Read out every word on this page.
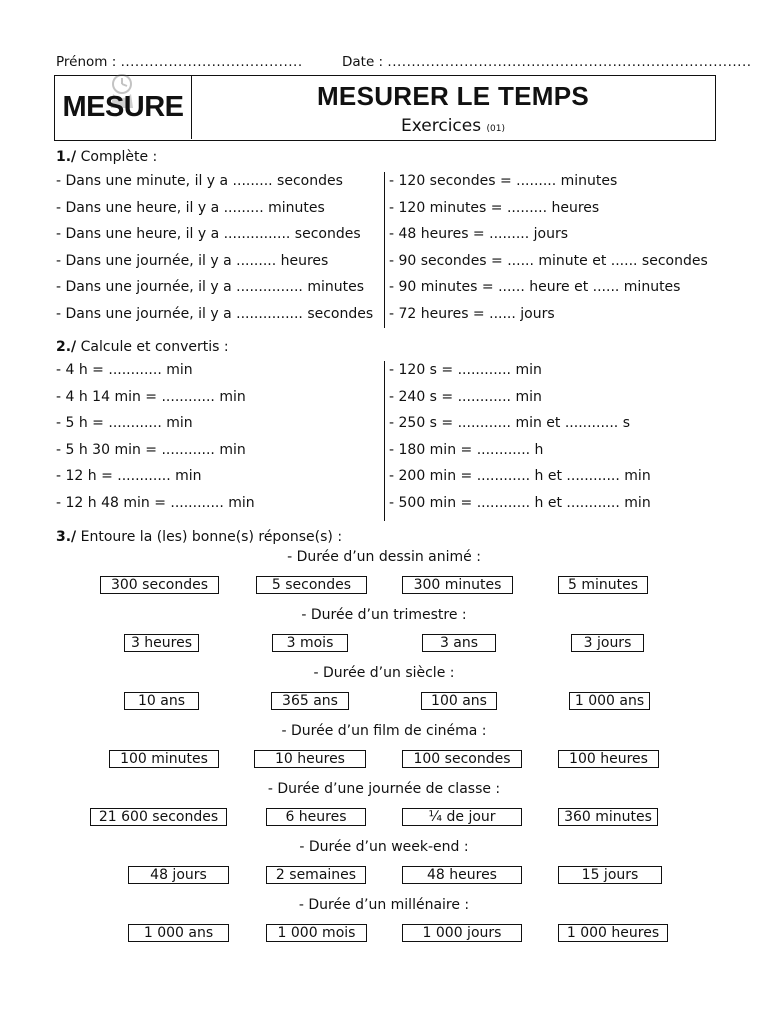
Prénom : ......................................	Date : ............................................................................
MESURE	MESURER LE TEMPS
Exercices (01)
1./ Complète :
- Dans une minute, il y a ......... secondes
- Dans une heure, il y a ......... minutes
- Dans une heure, il y a ............... secondes
- Dans une journée, il y a ......... heures
- Dans une journée, il y a ............... minutes
- Dans une journée, il y a ............... secondes
- 120 secondes = ......... minutes
- 120 minutes = ......... heures
- 48 heures = ......... jours
- 90 secondes = ...... minute et ...... secondes
- 90 minutes = ...... heure et ...... minutes
- 72 heures = ...... jours
2./ Calcule et convertis :
- 4 h = ............ min
- 4 h 14 min = ............ min
- 5 h = ............ min
- 5 h 30 min = ............ min
- 12 h = ............ min
- 12 h 48 min = ............ min
- 120 s = ............ min
- 240 s = ............ min
- 250 s = ............ min et ............ s
- 180 min = ............ h
- 200 min = ............ h et ............ min
- 500 min = ............ h et ............ min
3./ Entoure la (les) bonne(s) réponse(s) :
- Durée d’un dessin animé :
300 secondes	5 secondes	300 minutes	5 minutes
- Durée d’un trimestre :
3 heures	3 mois	3 ans	3 jours
- Durée d’un siècle :
10 ans	365 ans	100 ans	1 000 ans
- Durée d’un film de cinéma :
100 minutes	10 heures	100 secondes	100 heures
- Durée d’une journée de classe :
21 600 secondes	6 heures	¼ de jour	360 minutes
- Durée d’un week-end :
48 jours	2 semaines	48 heures	15 jours
- Durée d’un millénaire :
1 000 ans	1 000 mois	1 000 jours	1 000 heures
